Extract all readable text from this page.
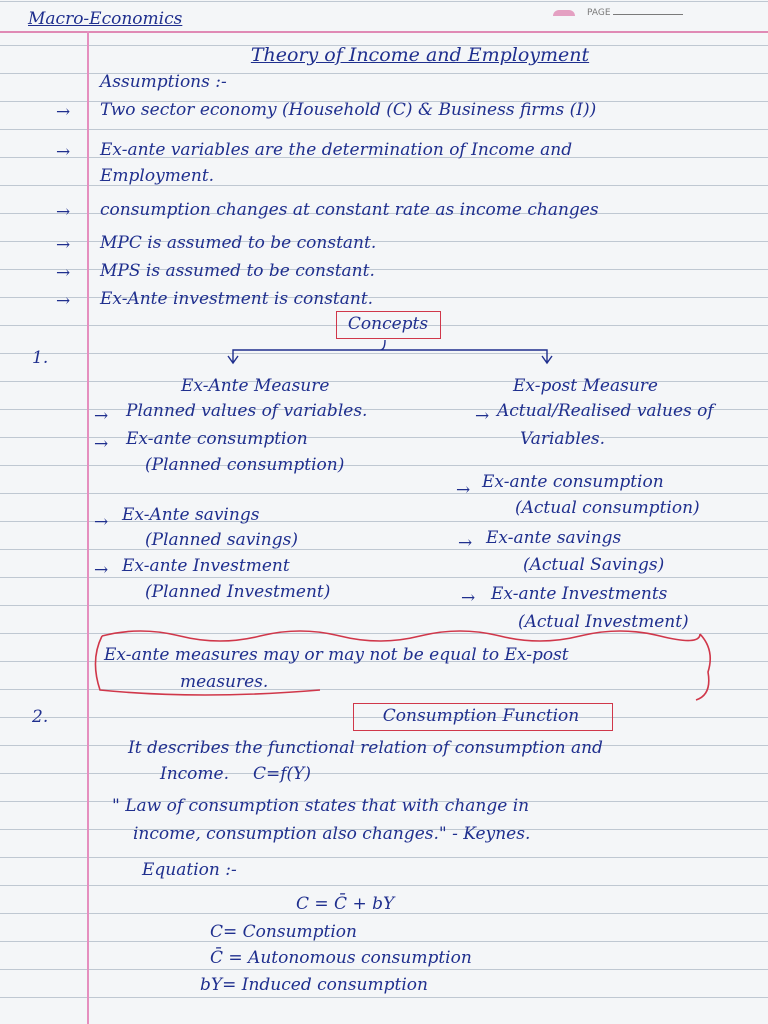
Macro-Economics	PAGE
Theory of Income and Employment
Assumptions :-
→ Two sector economy (Household (C) & Business firms (I))
→ Ex-ante variables are the determination of Income and
Employment.
→ consumption changes at constant rate as income changes
→ MPC is assumed to be constant.
→ MPS is assumed to be constant.
→ Ex-Ante investment is constant.
1.
Concepts
Ex-Ante Measure	Ex-post Measure
→ Planned values of variables.
→ Ex-ante consumption
(Planned consumption)
→ Ex-Ante savings
(Planned savings)
→ Ex-ante Investment
(Planned Investment)
→ Actual/Realised values of
Variables.
→ Ex-ante consumption
(Actual consumption)
→ Ex-ante savings
(Actual Savings)
→ Ex-ante Investments
(Actual Investment)
Ex-ante measures may or may not be equal to Ex-post
measures.
2.	Consumption Function
It describes the functional relation of consumption and
Income. C=f(Y)
" Law of consumption states that with change in
income, consumption also changes." - Keynes.
Equation :-
C = C̄ + bY
C= Consumption
C̄ = Autonomous consumption
bY= Induced consumption
